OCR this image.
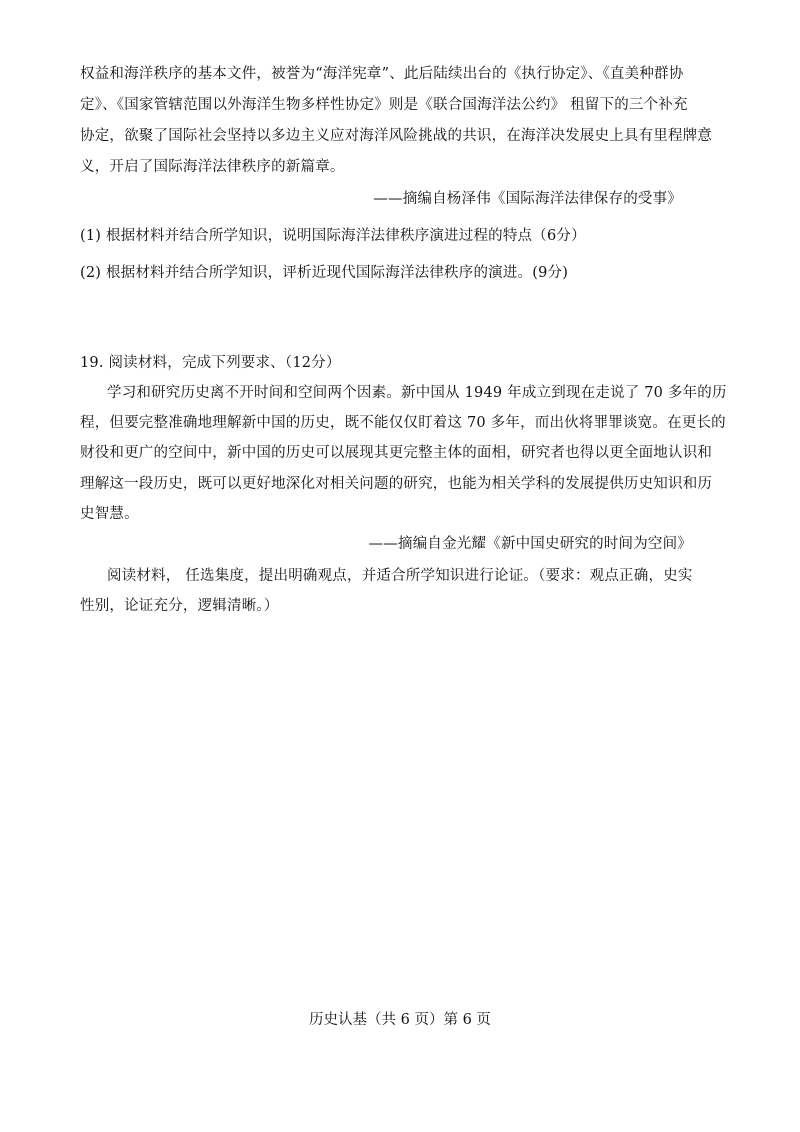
权益和海洋秩序的基本文件，被誉为“海洋宪章”、此后陆续出台的《执行协定》、《直美种群协
定》、《国家管辖范围以外海洋生物多样性协定》则是《联合国海洋法公约》 租留下的三个补充
协定，欲聚了国际社会坚持以多边主义应对海洋风险挑战的共识，在海洋决发展史上具有里程牌意
义，开启了国际海洋法律秩序的新篇章。
——摘编自杨泽伟《国际海洋法律保存的受事》
(1) 根据材料并结合所学知识，说明国际海洋法律秩序演进过程的特点（6分）
(2) 根据材料并结合所学知识，评析近现代国际海洋法律秩序的演进。(9分)
19. 阅读材料，完成下列要求、（12分）
学习和研究历史离不开时间和空间两个因素。新中国从 1949 年成立到现在走说了 70 多年的历
程，但要完整准确地理解新中国的历史，既不能仅仅盯着这 70 多年，而出伙将罪罪谈宽。在更长的
财役和更广的空间中，新中国的历史可以展现其更完整主体的面相，研究者也得以更全面地认识和
理解这一段历史，既可以更好地深化对相关问题的研究，也能为相关学科的发展提供历史知识和历
史智慧。
——摘编自金光耀《新中国史研究的时间为空间》
阅读材料， 任选集度，提出明确观点，并适合所学知识进行论证。（要求：观点正确，史实
性别，论证充分，逻辑清晰。）
历史认基（共 6 页）第 6 页
